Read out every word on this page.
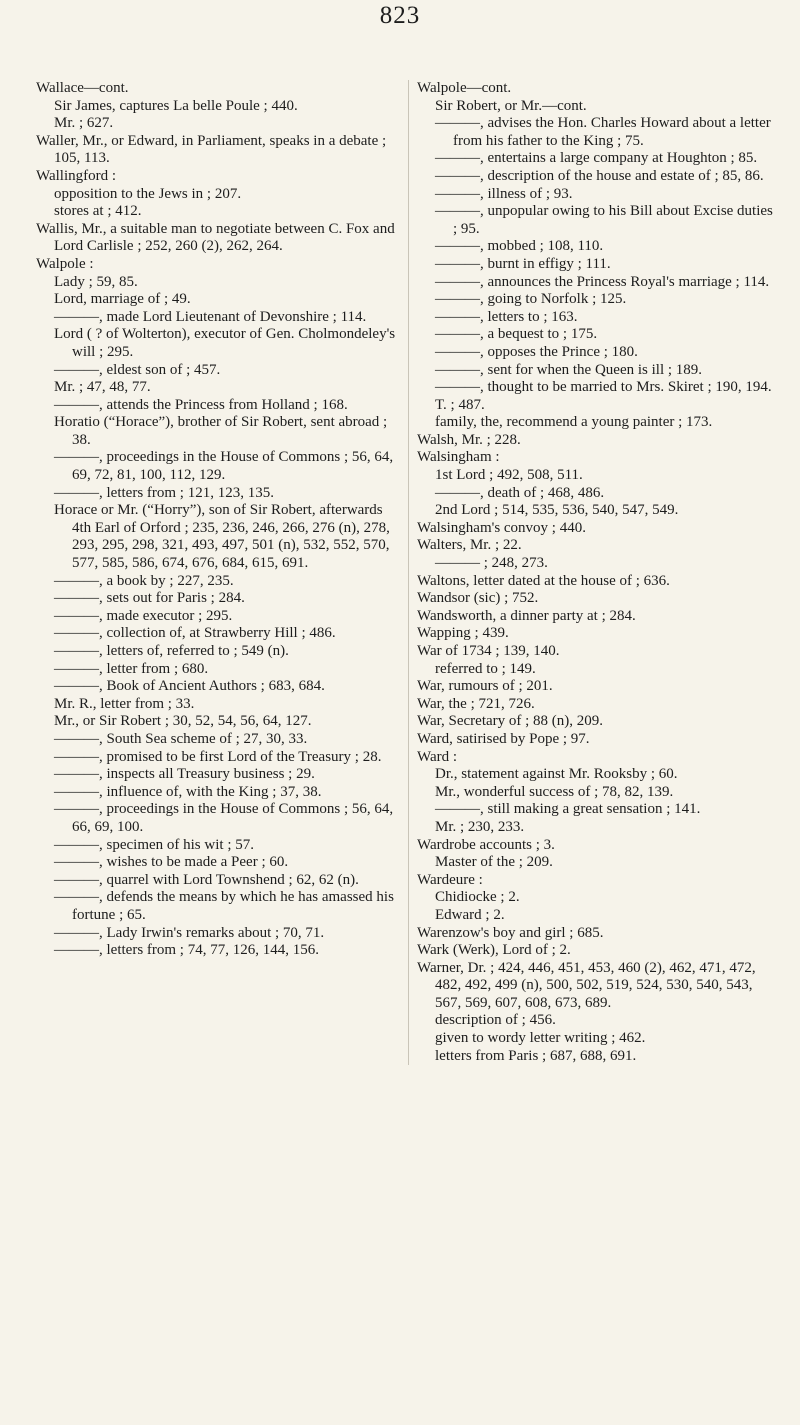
823

Wallace—cont.

Sir James, captures La belle Poule ; 440.

Mr. ; 627.

Waller, Mr., or Edward, in Parliament, speaks in a debate ; 105, 113.

Wallingford :

opposition to the Jews in ; 207.

stores at ; 412.

Wallis, Mr., a suitable man to negotiate between C. Fox and Lord Carlisle ; 252, 260 (2), 262, 264.

Walpole :

Lady ; 59, 85.

Lord, marriage of ; 49.

———, made Lord Lieutenant of Devonshire ; 114.

Lord ( ? of Wolterton), executor of Gen. Cholmondeley's will ; 295.

———, eldest son of ; 457.

Mr. ; 47, 48, 77.

———, attends the Princess from Holland ; 168.

Horatio (“Horace”), brother of Sir Robert, sent abroad ; 38.

———, proceedings in the House of Commons ; 56, 64, 69, 72, 81, 100, 112, 129.

———, letters from ; 121, 123, 135.

Horace or Mr. (“Horry”), son of Sir Robert, afterwards 4th Earl of Orford ; 235, 236, 246, 266, 276 (n), 278, 293, 295, 298, 321, 493, 497, 501 (n), 532, 552, 570, 577, 585, 586, 674, 676, 684, 615, 691.

———, a book by ; 227, 235.

———, sets out for Paris ; 284.

———, made executor ; 295.

———, collection of, at Strawberry Hill ; 486.

———, letters of, referred to ; 549 (n).

———, letter from ; 680.

———, Book of Ancient Authors ; 683, 684.

Mr. R., letter from ; 33.

Mr., or Sir Robert ; 30, 52, 54, 56, 64, 127.

———, South Sea scheme of ; 27, 30, 33.

———, promised to be first Lord of the Treasury ; 28.

———, inspects all Treasury business ; 29.

———, influence of, with the King ; 37, 38.

———, proceedings in the House of Commons ; 56, 64, 66, 69, 100.

———, specimen of his wit ; 57.

———, wishes to be made a Peer ; 60.

———, quarrel with Lord Townshend ; 62, 62 (n).

———, defends the means by which he has amassed his fortune ; 65.

———, Lady Irwin's remarks about ; 70, 71.

———, letters from ; 74, 77, 126, 144, 156.

Walpole—cont.

Sir Robert, or Mr.—cont.

———, advises the Hon. Charles Howard about a letter from his father to the King ; 75.

———, entertains a large company at Houghton ; 85.

———, description of the house and estate of ; 85, 86.

———, illness of ; 93.

———, unpopular owing to his Bill about Excise duties ; 95.

———, mobbed ; 108, 110.

———, burnt in effigy ; 111.

———, announces the Princess Royal's marriage ; 114.

———, going to Norfolk ; 125.

———, letters to ; 163.

———, a bequest to ; 175.

———, opposes the Prince ; 180.

———, sent for when the Queen is ill ; 189.

———, thought to be married to Mrs. Skiret ; 190, 194.

T. ; 487.

family, the, recommend a young painter ; 173.

Walsh, Mr. ; 228.

Walsingham :

1st Lord ; 492, 508, 511.

———, death of ; 468, 486.

2nd Lord ; 514, 535, 536, 540, 547, 549.

Walsingham's convoy ; 440.

Walters, Mr. ; 22.

——— ; 248, 273.

Waltons, letter dated at the house of ; 636.

Wandsor (sic) ; 752.

Wandsworth, a dinner party at ; 284.

Wapping ; 439.

War of 1734 ; 139, 140.

referred to ; 149.

War, rumours of ; 201.

War, the ; 721, 726.

War, Secretary of ; 88 (n), 209.

Ward, satirised by Pope ; 97.

Ward :

Dr., statement against Mr. Rooksby ; 60.

Mr., wonderful success of ; 78, 82, 139.

———, still making a great sensation ; 141.

Mr. ; 230, 233.

Wardrobe accounts ; 3.

Master of the ; 209.

Wardeure :

Chidiocke ; 2.

Edward ; 2.

Warenzow's boy and girl ; 685.

Wark (Werk), Lord of ; 2.

Warner, Dr. ; 424, 446, 451, 453, 460 (2), 462, 471, 472, 482, 492, 499 (n), 500, 502, 519, 524, 530, 540, 543, 567, 569, 607, 608, 673, 689.

description of ; 456.

given to wordy letter writing ; 462.

letters from Paris ; 687, 688, 691.
